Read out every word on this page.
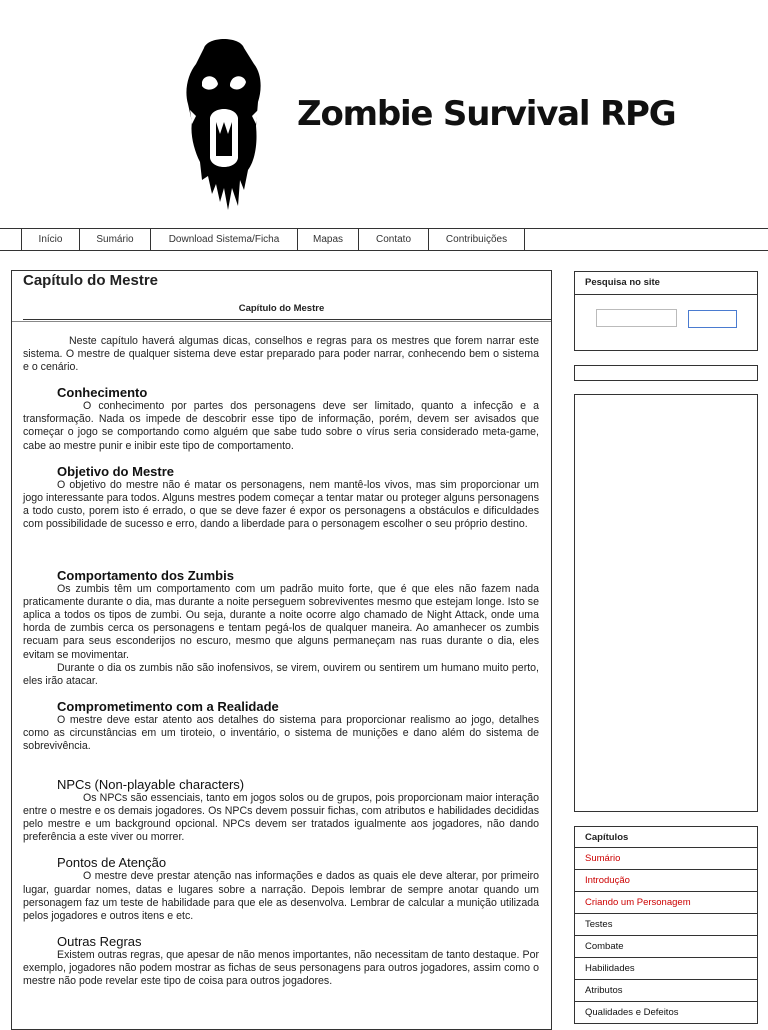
Zombie Survival RPG
Início	Sumário	Download Sistema/Ficha	Mapas	Contato	Contribuições
Capítulo do Mestre
Capítulo do Mestre

Neste capítulo haverá algumas dicas, conselhos e regras para os mestres que forem narrar este sistema. O mestre de qualquer sistema deve estar preparado para poder narrar, conhecendo bem o sistema e o cenário.

Conhecimento

O conhecimento por partes dos personagens deve ser limitado, quanto a infecção e a transformação. Nada os impede de descobrir esse tipo de informação, porém, devem ser avisados que começar o jogo se comportando como alguém que sabe tudo sobre o vírus seria considerado meta-game, cabe ao mestre punir e inibir este tipo de comportamento.

Objetivo do Mestre

O objetivo do mestre não é matar os personagens, nem mantê-los vivos, mas sim proporcionar um jogo interessante para todos. Alguns mestres podem começar a tentar matar ou proteger alguns personagens a todo custo, porem isto é errado, o que se deve fazer é expor os personagens a obstáculos e dificuldades com possibilidade de sucesso e erro, dando a liberdade para o personagem escolher o seu próprio destino.

Comportamento dos Zumbis

Os zumbis têm um comportamento com um padrão muito forte, que é que eles não fazem nada praticamente durante o dia, mas durante a noite perseguem sobreviventes mesmo que estejam longe. Isto se aplica a todos os tipos de zumbi. Ou seja, durante a noite ocorre algo chamado de Night Attack, onde uma horda de zumbis cerca os personagens e tentam pegá-los de qualquer maneira. Ao amanhecer os zumbis recuam para seus esconderijos no escuro, mesmo que alguns permaneçam nas ruas durante o dia, eles evitam se movimentar.

Durante o dia os zumbis não são inofensivos, se virem, ouvirem ou sentirem um humano muito perto, eles irão atacar.

Comprometimento com a Realidade

O mestre deve estar atento aos detalhes do sistema para proporcionar realismo ao jogo, detalhes como as circunstâncias em um tiroteio, o inventário, o sistema de munições e dano além do sistema de sobrevivência.

NPCs (Non-playable characters)

Os NPCs são essenciais, tanto em jogos solos ou de grupos, pois proporcionam maior interação entre o mestre e os demais jogadores. Os NPCs devem possuir fichas, com atributos e habilidades decididas pelo mestre e um background opcional. NPCs devem ser tratados igualmente aos jogadores, não dando preferência a este viver ou morrer.

Pontos de Atenção

O mestre deve prestar atenção nas informações e dados as quais ele deve alterar, por primeiro lugar, guardar nomes, datas e lugares sobre a narração. Depois lembrar de sempre anotar quando um personagem faz um teste de habilidade para que ele as desenvolva. Lembrar de calcular a munição utilizada pelos jogadores e outros itens e etc.

Outras Regras

Existem outras regras, que apesar de não menos importantes, não necessitam de tanto destaque. Por exemplo, jogadores não podem mostrar as fichas de seus personagens para outros jogadores, assim como o mestre não pode revelar este tipo de coisa para outros jogadores.

Pesquisa no site
Capítulos
Sumário
Introdução
Criando um Personagem
Testes
Combate
Habilidades
Atributos
Qualidades e Defeitos
